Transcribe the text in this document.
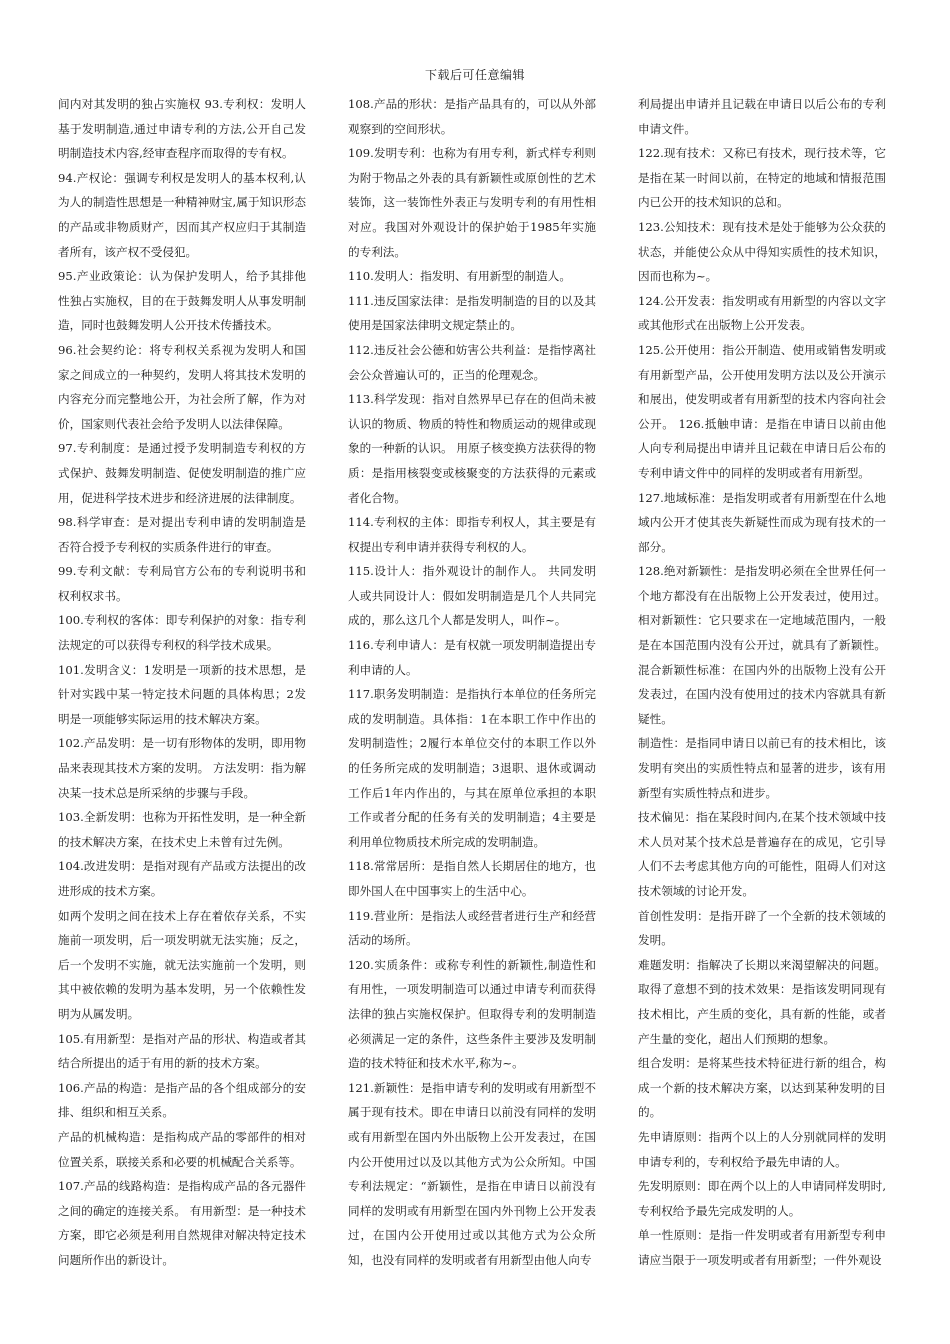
下载后可任意编辑

间内对其发明的独占实施权 93.专利权：发明人基于发明制造,通过申请专利的方法,公开自己发明制造技术内容,经审查程序而取得的专有权。

94.产权论：强调专利权是发明人的基本权利,认为人的制造性思想是一种精神财宝,属于知识形态的产品或非物质财产，因而其产权应归于其制造者所有，该产权不受侵犯。

95.产业政策论：认为保护发明人，给予其排他性独占实施权，目的在于鼓舞发明人从事发明制造，同时也鼓舞发明人公开技术传播技术。

96.社会契约论：将专利权关系视为发明人和国家之间成立的一种契约，发明人将其技术发明的内容充分而完整地公开，为社会所了解，作为对价，国家则代表社会给予发明人以法律保障。

97.专利制度：是通过授予发明制造专利权的方式保护、鼓舞发明制造、促使发明制造的推广应用，促进科学技术进步和经济进展的法律制度。

98.科学审查：是对提出专利申请的发明制造是否符合授予专利权的实质条件进行的审查。

99.专利文献：专利局官方公布的专利说明书和权利权求书。

100.专利权的客体：即专利保护的对象：指专利法规定的可以获得专利权的科学技术成果。

101.发明含义：1发明是一项新的技术思想，是针对实践中某一特定技术问题的具体构思；2发明是一项能够实际运用的技术解决方案。

102.产品发明：是一切有形物体的发明，即用物品来表现其技术方案的发明。 方法发明：指为解决某一技术总是所采纳的步骤与手段。

103.全新发明：也称为开拓性发明，是一种全新的技术解决方案，在技术史上未曾有过先例。

104.改进发明：是指对现有产品或方法提出的改进形成的技术方案。

如两个发明之间在技术上存在着依存关系，不实施前一项发明，后一项发明就无法实施；反之，后一个发明不实施，就无法实施前一个发明，则其中被依赖的发明为基本发明，另一个依赖性发明为从属发明。

105.有用新型：是指对产品的形状、构造或者其结合所提出的适于有用的新的技术方案。

106.产品的构造：是指产品的各个组成部分的安排、组织和相互关系。

产品的机械构造：是指构成产品的零部件的相对位置关系，联接关系和必要的机械配合关系等。

107.产品的线路构造：是指构成产品的各元器件之间的确定的连接关系。 有用新型：是一种技术方案，即它必须是利用自然规律对解决特定技术问题所作出的新设计。

108.产品的形状：是指产品具有的，可以从外部观察到的空间形状。

109.发明专利：也称为有用专利，新式样专利则为附于物品之外表的具有新颖性或原创性的艺术装饰，这一装饰性外表正与发明专利的有用性相对应。我国对外观设计的保护始于1985年实施的专利法。

110.发明人：指发明、有用新型的制造人。

111.违反国家法律：是指发明制造的目的以及其使用是国家法律明文规定禁止的。

112.违反社会公德和妨害公共利益：是指悖离社会公众普遍认可的，正当的伦理观念。

113.科学发现：指对自然界早已存在的但尚未被认识的物质、物质的特性和物质运动的规律或现象的一种新的认识。 用原子核变换方法获得的物质：是指用核裂变或核聚变的方法获得的元素或者化合物。

114.专利权的主体：即指专利权人，其主要是有权提出专利申请并获得专利权的人。

115.设计人：指外观设计的制作人。 共同发明人或共同设计人：假如发明制造是几个人共同完成的，那么这几个人都是发明人，叫作~。

116.专利申请人：是有权就一项发明制造提出专利申请的人。

117.职务发明制造：是指执行本单位的任务所完成的发明制造。具体指：1在本职工作中作出的发明制造性；2履行本单位交付的本职工作以外的任务所完成的发明制造；3退职、退休或调动工作后1年内作出的，与其在原单位承担的本职工作或者分配的任务有关的发明制造；4主要是利用单位物质技术所完成的发明制造。

118.常常居所：是指自然人长期居住的地方，也即外国人在中国事实上的生活中心。

119.营业所：是指法人或经营者进行生产和经营活动的场所。

120.实质条件：或称专利性的新颖性,制造性和有用性，一项发明制造可以通过申请专利而获得法律的独占实施权保护。但取得专利的发明制造必须满足一定的条件，这些条件主要涉及发明制造的技术特征和技术水平,称为~。

121.新颖性：是指申请专利的发明或有用新型不属于现有技术。即在申请日以前没有同样的发明或有用新型在国内外出版物上公开发表过，在国内公开使用过以及以其他方式为公众所知。中国专利法规定：“新颖性，是指在申请日以前没有同样的发明或有用新型在国内外刊物上公开发表过，在国内公开使用过或以其他方式为公众所知，也没有同样的发明或者有用新型由他人向专

利局提出申请并且记载在申请日以后公布的专利申请文件。

122.现有技术：又称已有技术，现行技术等，它是指在某一时间以前，在特定的地域和情报范围内已公开的技术知识的总和。

123.公知技术：现有技术是处于能够为公众获的状态，并能使公众从中得知实质性的技术知识，因而也称为~。

124.公开发表：指发明或有用新型的内容以文字或其他形式在出版物上公开发表。

125.公开使用：指公开制造、使用或销售发明或有用新型产品，公开使用发明方法以及公开演示和展出，使发明或者有用新型的技术内容向社会公开。 126.抵触申请：是指在申请日以前由他人向专利局提出申请并且记载在申请日后公布的专利申请文件中的同样的发明或者有用新型。

127.地域标准：是指发明或者有用新型在什么地域内公开才使其丧失新疑性而成为现有技术的一部分。

128.绝对新颖性：是指发明必须在全世界任何一个地方都没有在出版物上公开发表过，使用过。相对新颖性：它只要求在一定地域范围内，一般是在本国范围内没有公开过，就具有了新颖性。混合新颖性标准：在国内外的出版物上没有公开发表过，在国内没有使用过的技术内容就具有新疑性。

制造性：是指同申请日以前已有的技术相比，该发明有突出的实质性特点和显著的进步，该有用新型有实质性特点和进步。

技术偏见：指在某段时间内,在某个技术领域中技术人员对某个技术总是普遍存在的成见，它引导人们不去考虑其他方向的可能性，阻碍人们对这技术领域的讨论开发。

首创性发明：是指开辟了一个全新的技术领域的发明。

难题发明：指解决了长期以来渴望解决的问题。取得了意想不到的技术效果：是指该发明同现有技术相比，产生质的变化，具有新的性能，或者产生量的变化，超出人们预期的想象。

组合发明：是将某些技术特征进行新的组合，构成一个新的技术解决方案，以达到某种发明的目的。

先申请原则：指两个以上的人分别就同样的发明申请专利的，专利权给予最先申请的人。

先发明原则：即在两个以上的人申请同样发明时,专利权给予最先完成发明的人。

单一性原则：是指一件发明或者有用新型专利申请应当限于一项发明或者有用新型；一件外观设
